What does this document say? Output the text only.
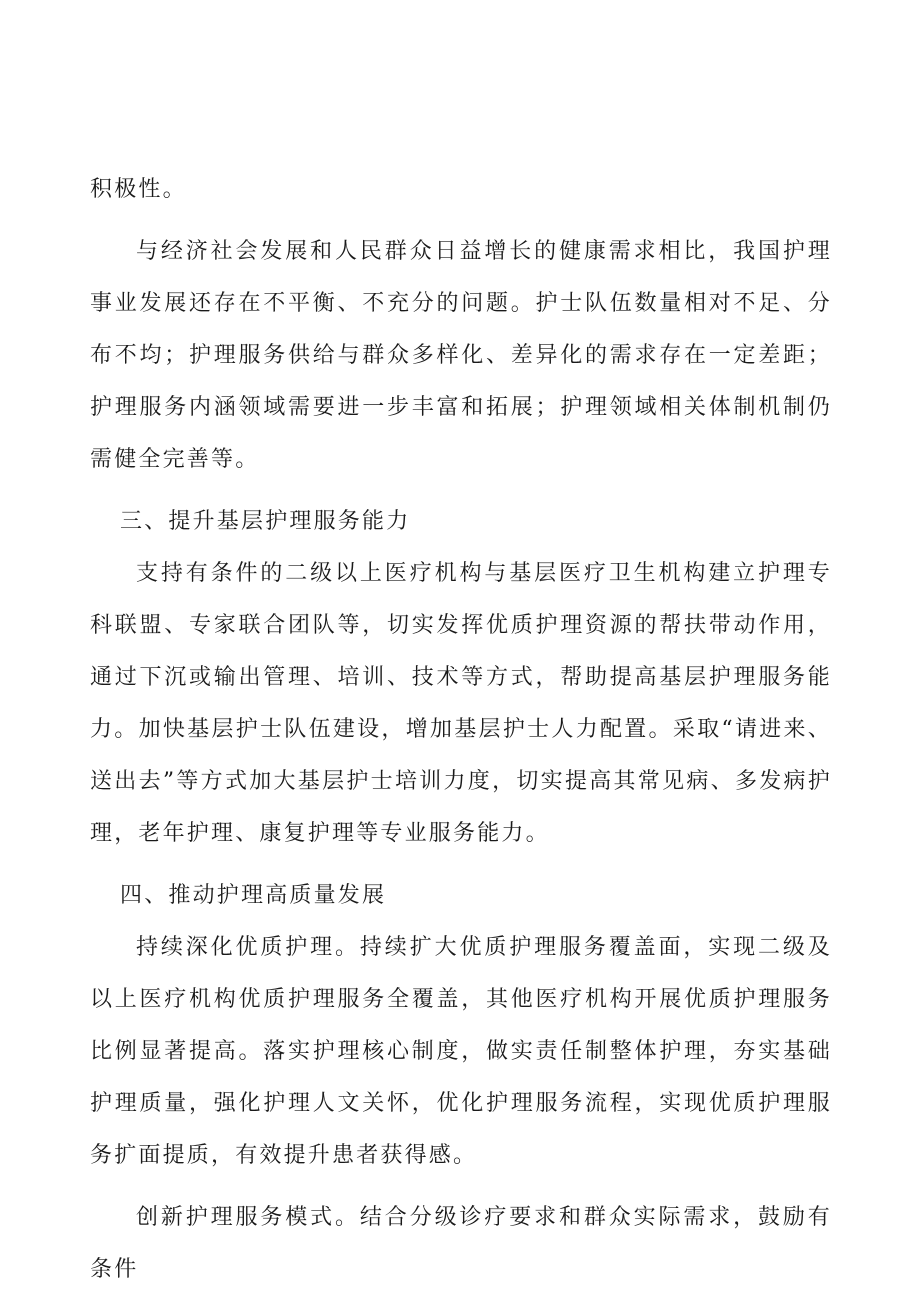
积极性。

与经济社会发展和人民群众日益增长的健康需求相比，我国护理事业发展还存在不平衡、不充分的问题。护士队伍数量相对不足、分布不均；护理服务供给与群众多样化、差异化的需求存在一定差距；护理服务内涵领域需要进一步丰富和拓展；护理领域相关体制机制仍需健全完善等。

三、提升基层护理服务能力

支持有条件的二级以上医疗机构与基层医疗卫生机构建立护理专科联盟、专家联合团队等，切实发挥优质护理资源的帮扶带动作用，通过下沉或输出管理、培训、技术等方式，帮助提高基层护理服务能力。加快基层护士队伍建设，增加基层护士人力配置。采取“请进来、送出去”等方式加大基层护士培训力度，切实提高其常见病、多发病护理，老年护理、康复护理等专业服务能力。

四、推动护理高质量发展

持续深化优质护理。持续扩大优质护理服务覆盖面，实现二级及以上医疗机构优质护理服务全覆盖，其他医疗机构开展优质护理服务比例显著提高。落实护理核心制度，做实责任制整体护理，夯实基础护理质量，强化护理人文关怀，优化护理服务流程，实现优质护理服务扩面提质，有效提升患者获得感。

创新护理服务模式。结合分级诊疗要求和群众实际需求，鼓励有条件
